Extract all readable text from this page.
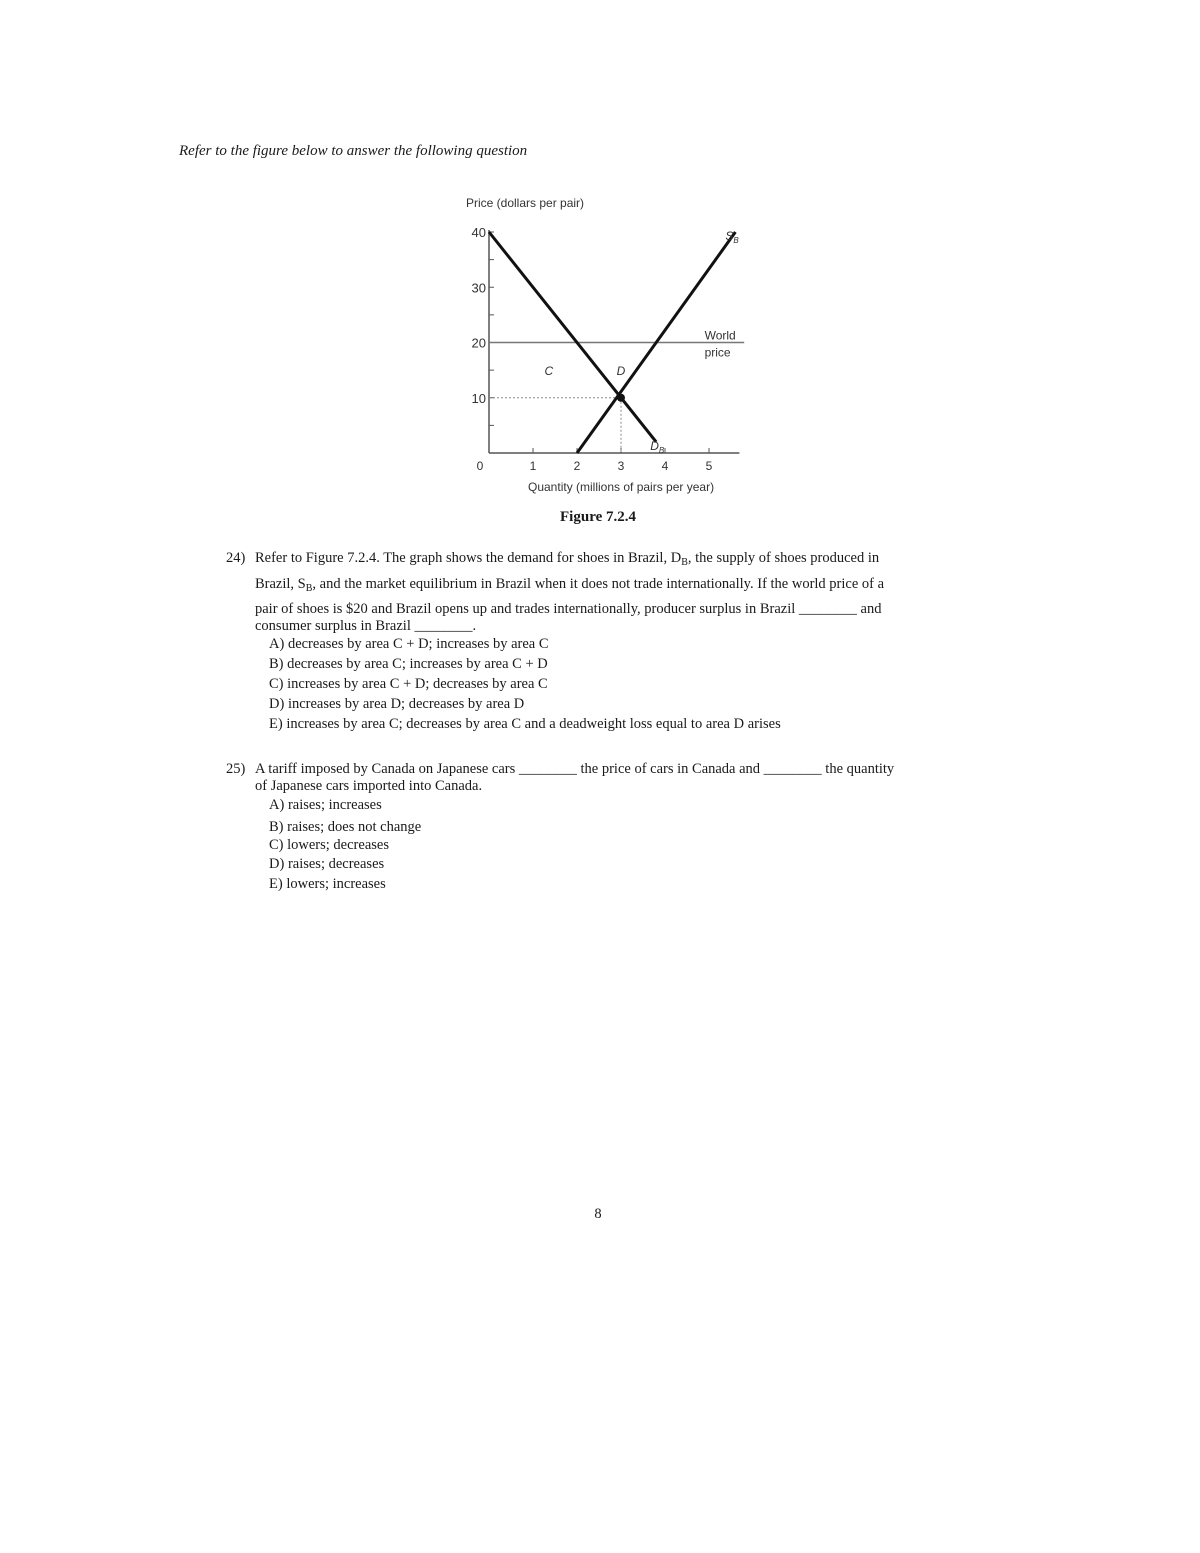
Refer to the figure below to answer the following question
Price (dollars per pair)
Quantity (millions of pairs per year)
40
30
20
10
0	1	2	3	4	5
World
price
$S_B$
$D_B$
C	D
Figure 7.2.4
24) Refer to Figure 7.2.4. The graph shows the demand for shoes in Brazil, $D_B$, the supply of shoes produced in
Brazil, $S_B$, and the market equilibrium in Brazil when it does not trade internationally. If the world price of a
pair of shoes is $20 and Brazil opens up and trades internationally, producer surplus in Brazil ________ and
consumer surplus in Brazil ________.
A) decreases by area C + D; increases by area C
B) decreases by area C; increases by area C + D
C) increases by area C + D; decreases by area C
D) increases by area D; decreases by area D
E) increases by area C; decreases by area C and a deadweight loss equal to area D arises
25) A tariff imposed by Canada on Japanese cars ________ the price of cars in Canada and ________ the quantity
of Japanese cars imported into Canada.
A) raises; increases
B) raises; does not change
C) lowers; decreases
D) raises; decreases
E) lowers; increases
8
